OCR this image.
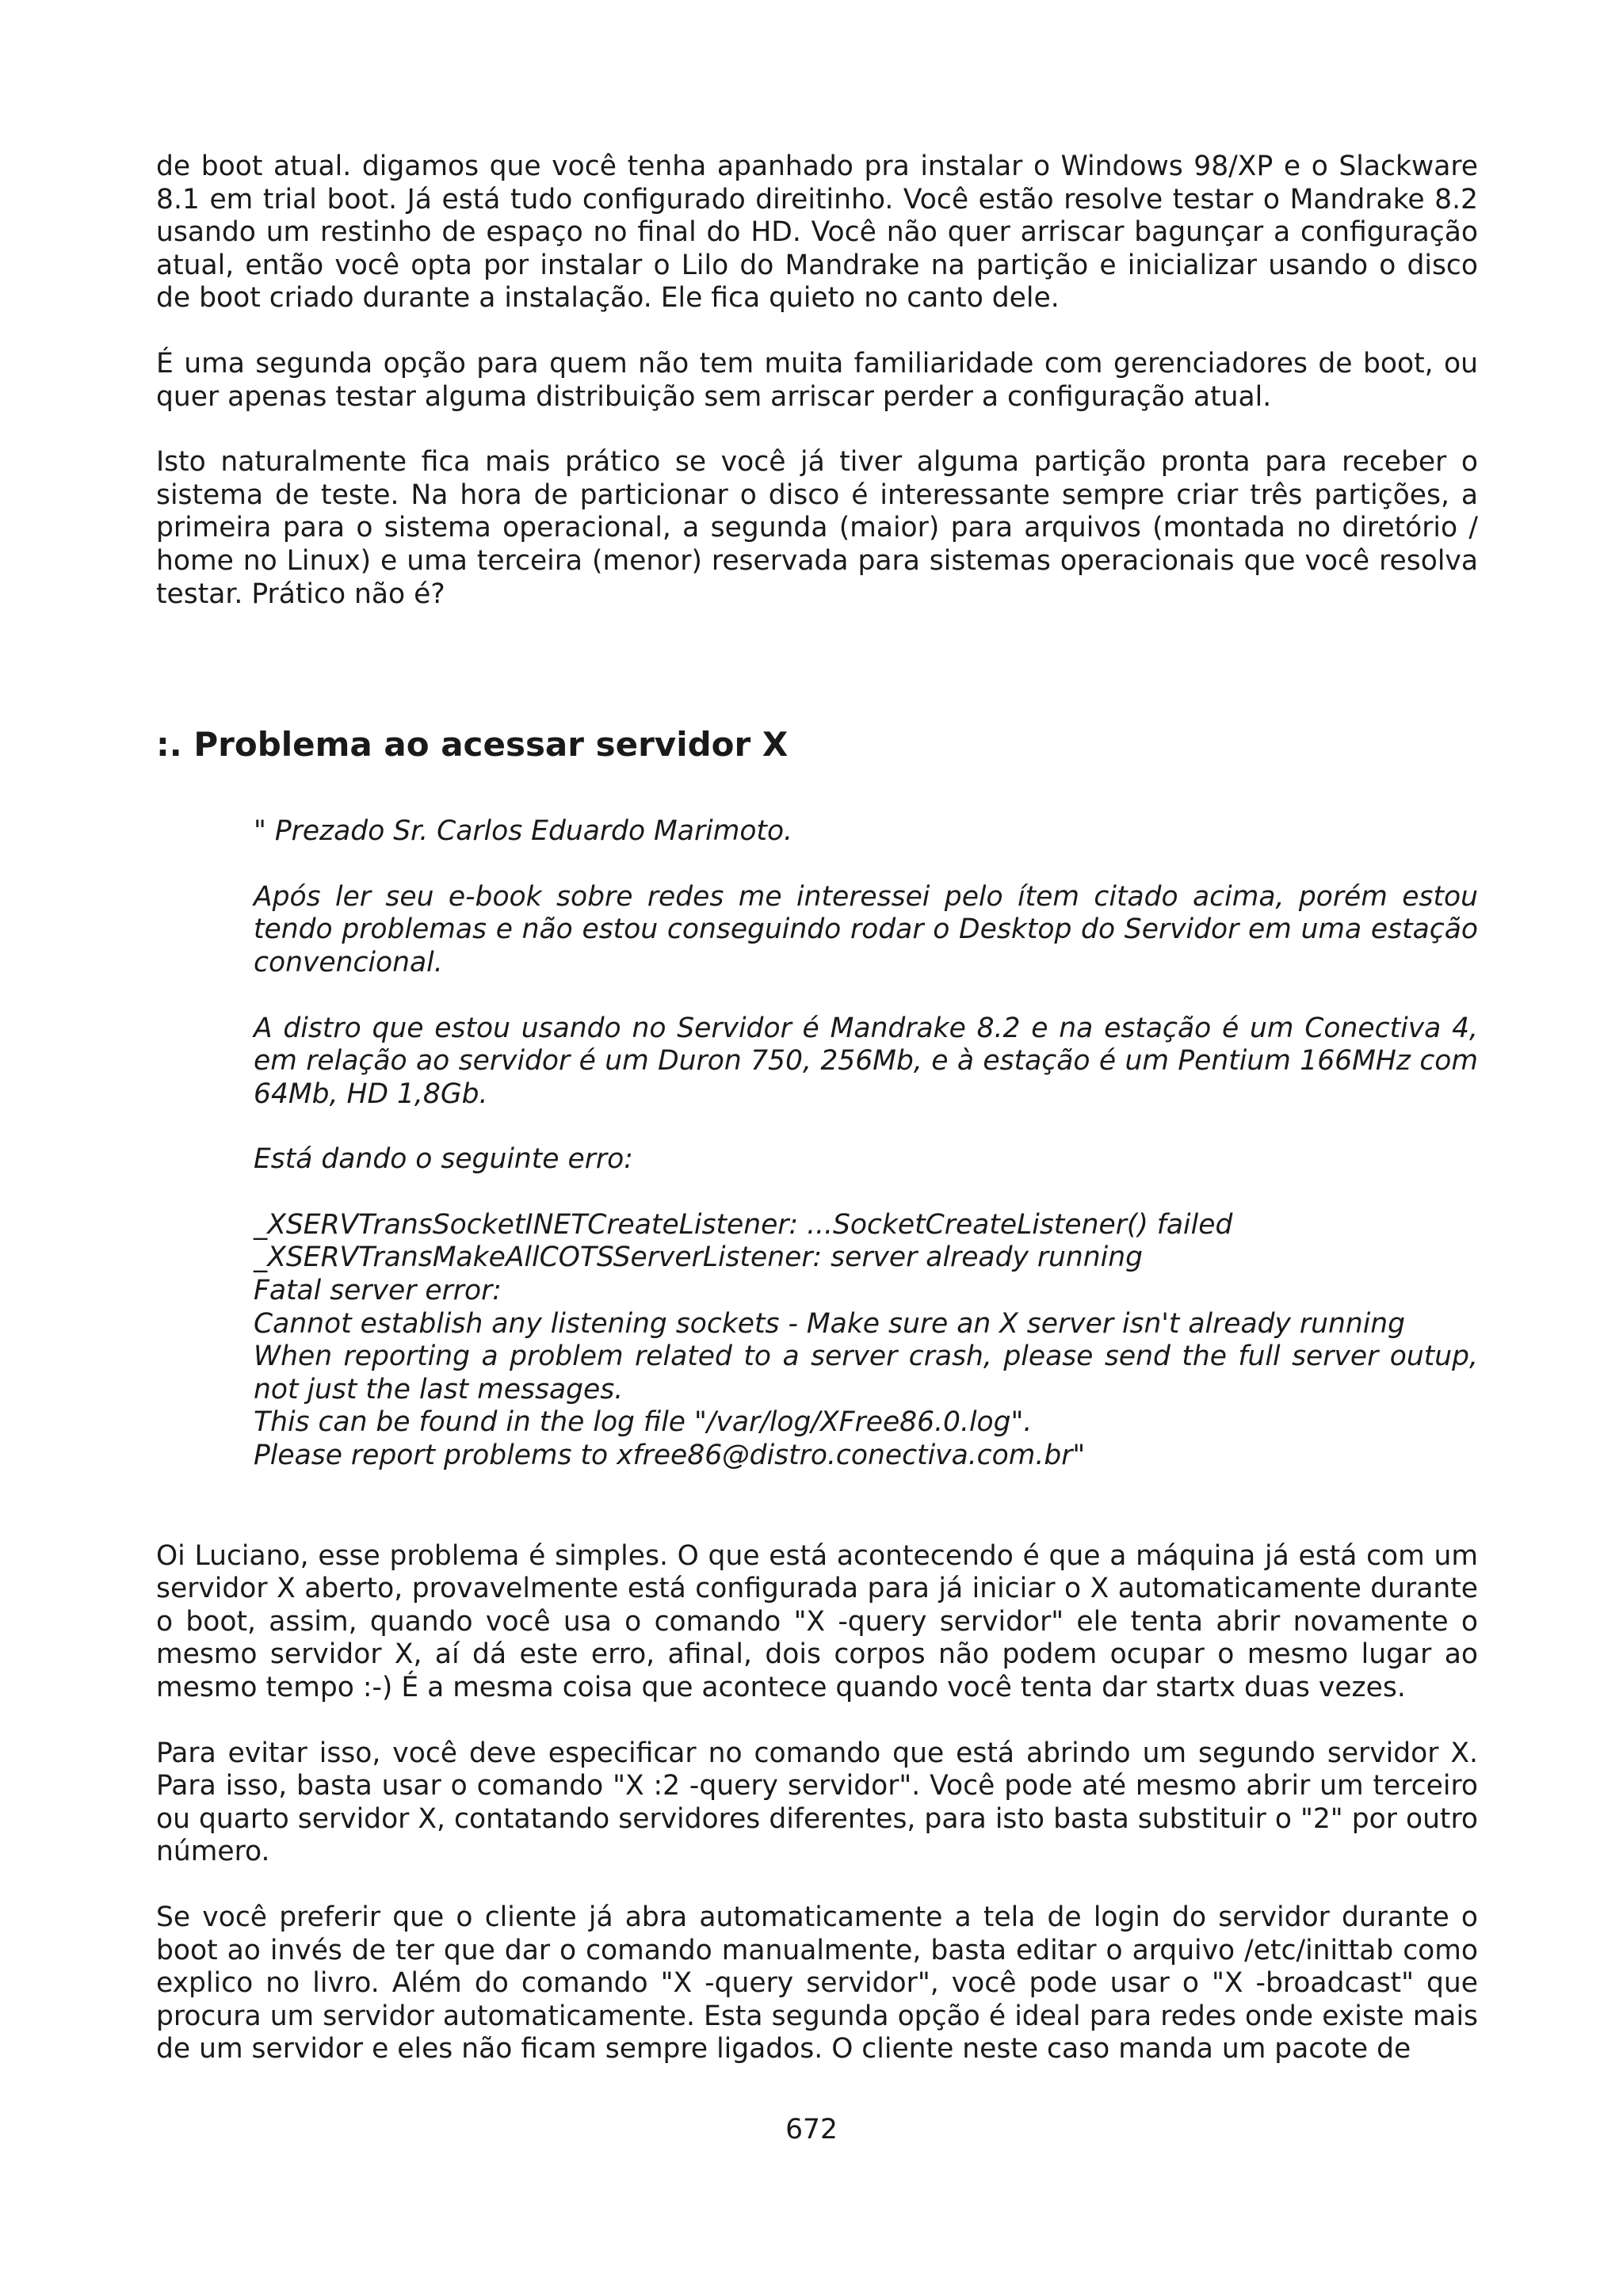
de boot atual. digamos que você tenha apanhado pra instalar o Windows 98/XP e o Slackware 8.1 em trial boot. Já está tudo configurado direitinho. Você estão resolve testar o Mandrake 8.2 usando um restinho de espaço no final do HD. Você não quer arriscar bagunçar a configuração atual, então você opta por instalar o Lilo do Mandrake na partição e inicializar usando o disco de boot criado durante a instalação. Ele fica quieto no canto dele.

É uma segunda opção para quem não tem muita familiaridade com gerenciadores de boot, ou quer apenas testar alguma distribuição sem arriscar perder a configuração atual.

Isto naturalmente fica mais prático se você já tiver alguma partição pronta para receber o sistema de teste. Na hora de particionar o disco é interessante sempre criar três partições, a primeira para o sistema operacional, a segunda (maior) para arquivos (montada no diretório / home no Linux) e uma terceira (menor) reservada para sistemas operacionais que você resolva testar. Prático não é?

:. Problema ao acessar servidor X

" Prezado Sr. Carlos Eduardo Marimoto.

Após ler seu e-book sobre redes me interessei pelo ítem citado acima, porém estou tendo problemas e não estou conseguindo rodar o Desktop do Servidor em uma estação convencional.

A distro que estou usando no Servidor é Mandrake 8.2 e na estação é um Conectiva 4, em relação ao servidor é um Duron 750, 256Mb, e à estação é um Pentium 166MHz com 64Mb, HD 1,8Gb.

Está dando o seguinte erro:

_XSERVTransSocketINETCreateListener: ...SocketCreateListener() failed
_XSERVTransMakeAllCOTSServerListener: server already running
Fatal server error:
Cannot establish any listening sockets - Make sure an X server isn't already running
When reporting a problem related to a server crash, please send the full server outup, not just the last messages.
This can be found in the log file "/var/log/XFree86.0.log".
Please report problems to xfree86@distro.conectiva.com.br"

Oi Luciano, esse problema é simples. O que está acontecendo é que a máquina já está com um servidor X aberto, provavelmente está configurada para já iniciar o X automaticamente durante o boot, assim, quando você usa o comando "X -query servidor" ele tenta abrir novamente o mesmo servidor X, aí dá este erro, afinal, dois corpos não podem ocupar o mesmo lugar ao mesmo tempo :-) É a mesma coisa que acontece quando você tenta dar startx duas vezes.

Para evitar isso, você deve especificar no comando que está abrindo um segundo servidor X. Para isso, basta usar o comando "X :2 -query servidor". Você pode até mesmo abrir um terceiro ou quarto servidor X, contatando servidores diferentes, para isto basta substituir o "2" por outro número.

Se você preferir que o cliente já abra automaticamente a tela de login do servidor durante o boot ao invés de ter que dar o comando manualmente, basta editar o arquivo /etc/inittab como explico no livro. Além do comando "X -query servidor", você pode usar o "X -broadcast" que procura um servidor automaticamente. Esta segunda opção é ideal para redes onde existe mais de um servidor e eles não ficam sempre ligados. O cliente neste caso manda um pacote de

672
